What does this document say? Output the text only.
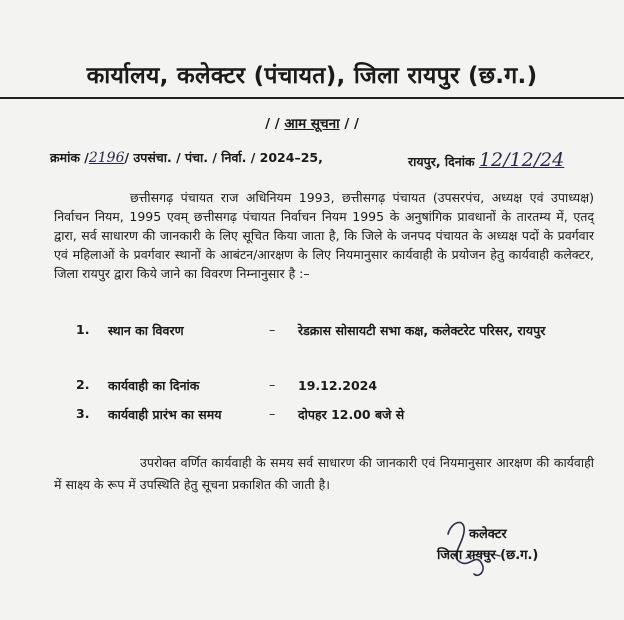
कार्यालय, कलेक्टर (पंचायत), जिला रायपुर (छ.ग.)
/ / आम सूचना / /
क्रमांक /2196/ उपसंचा. / पंचा. / निर्वा. / 2024–25,	रायपुर, दिनांक 12/12/24
छत्तीसगढ़ पंचायत राज अधिनियम 1993, छत्तीसगढ़ पंचायत (उपसरपंच, अध्यक्ष एवं उपाध्यक्ष) निर्वाचन नियम, 1995 एवम् छत्तीसगढ़ पंचायत निर्वाचन नियम 1995 के अनुषांगिक प्रावधानों के तारतम्य में, एतद् द्वारा, सर्व साधारण की जानकारी के लिए सूचित किया जाता है, कि जिले के जनपद पंचायत के अध्यक्ष पदों के प्रवर्गवार एवं महिलाओं के प्रवर्गवार स्थानों के आबंटन/आरक्षण के लिए नियमानुसार कार्यवाही के प्रयोजन हेतु कार्यवाही कलेक्टर, जिला रायपुर द्वारा किये जाने का विवरण निम्नानुसार है :–
1. स्थान का विवरण	– रेडक्रास सोसायटी सभा कक्ष, कलेक्टरेट परिसर, रायपुर
2. कार्यवाही का दिनांक	– 19.12.2024
3. कार्यवाही प्रारंभ का समय	– दोपहर 12.00 बजे से
उपरोक्त वर्णित कार्यवाही के समय सर्व साधारण की जानकारी एवं नियमानुसार आरक्षण की कार्यवाही में साक्ष्य के रूप में उपस्थिति हेतु सूचना प्रकाशित की जाती है।
कलेक्टर
जिला रायपुर (छ.ग.)
